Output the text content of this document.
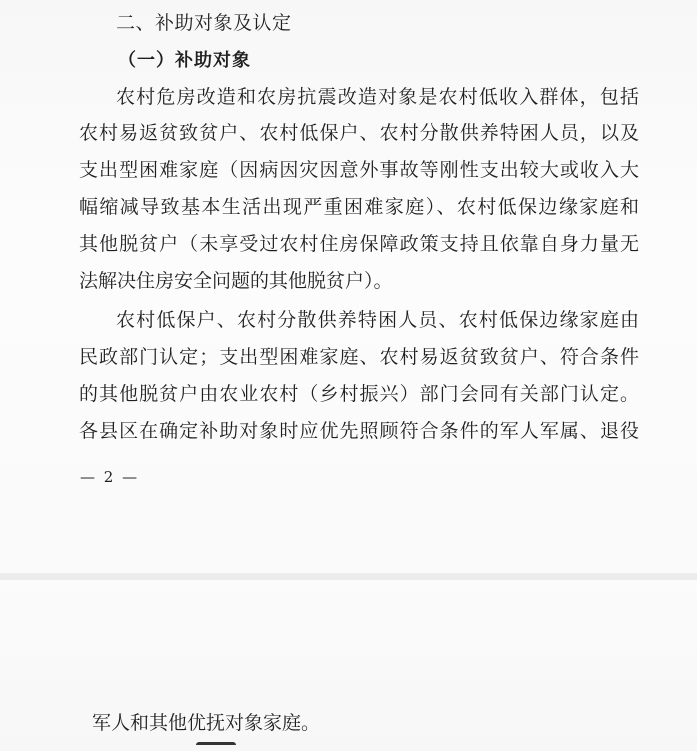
二、补助对象及认定
（一）补助对象
农村危房改造和农房抗震改造对象是农村低收入群体，包括
农村易返贫致贫户、农村低保户、农村分散供养特困人员，以及
支出型困难家庭（因病因灾因意外事故等刚性支出较大或收入大
幅缩减导致基本生活出现严重困难家庭）、农村低保边缘家庭和
其他脱贫户（未享受过农村住房保障政策支持且依靠自身力量无
法解决住房安全问题的其他脱贫户）。
农村低保户、农村分散供养特困人员、农村低保边缘家庭由
民政部门认定；支出型困难家庭、农村易返贫致贫户、符合条件
的其他脱贫户由农业农村（乡村振兴）部门会同有关部门认定。
各县区在确定补助对象时应优先照顾符合条件的军人军属、退役
— 2 —
军人和其他优抚对象家庭。
